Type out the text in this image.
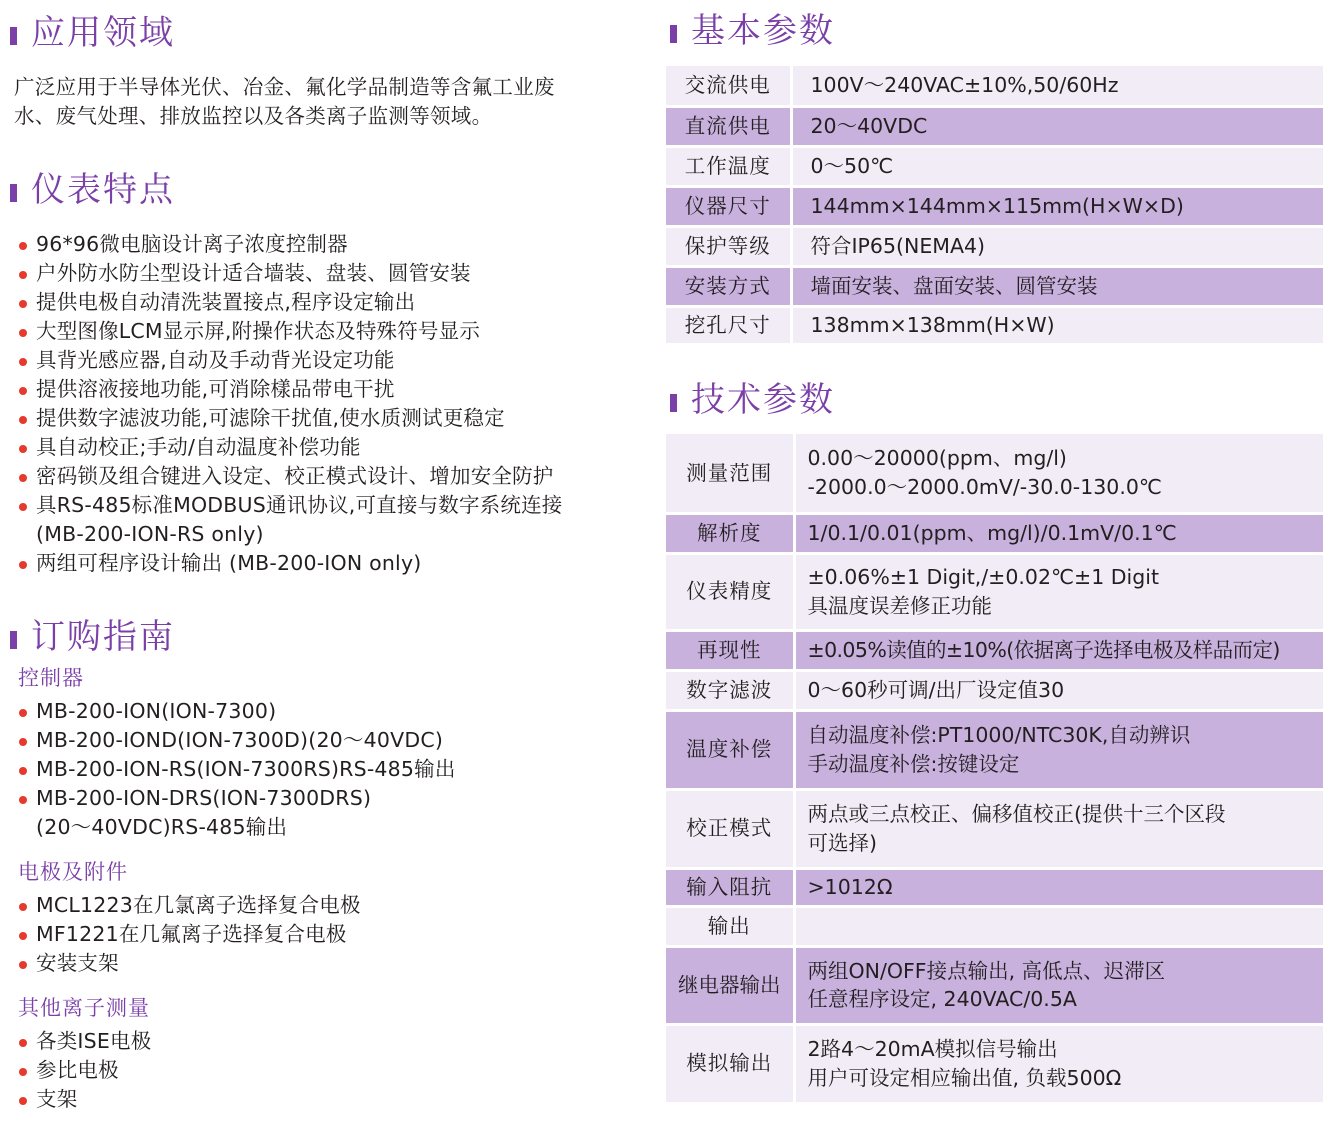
应用领域
广泛应用于半导体光伏、冶金、氟化学品制造等含氟工业废
水、废气处理、排放监控以及各类离子监测等领域。
仪表特点
96*96微电脑设计离子浓度控制器
户外防水防尘型设计适合墙装、盘装、圆管安装
提供电极自动清洗装置接点,程序设定输出
大型图像LCM显示屏,附操作状态及特殊符号显示
具背光感应器,自动及手动背光设定功能
提供溶液接地功能,可消除樣品带电干扰
提供数字滤波功能,可滤除干扰值,使水质测试更稳定
具自动校正;手动/自动温度补偿功能
密码锁及组合键进入设定、校正模式设计、增加安全防护
具RS-485标准MODBUS通讯协议,可直接与数字系统连接
(MB-200-ION-RS only)
两组可程序设计输出 (MB-200-ION only)
订购指南
控制器
MB-200-ION(ION-7300)
MB-200-IOND(ION-7300D)(20～40VDC)
MB-200-ION-RS(ION-7300RS)RS-485输出
MB-200-ION-DRS(ION-7300DRS)
(20～40VDC)RS-485输出
电极及附件
MCL1223在几氯离子选择复合电极
MF1221在几氟离子选择复合电极
安装支架
其他离子测量
各类ISE电极
参比电极
支架
基本参数
交流供电	100V～240VAC±10%,50/60Hz
直流供电	20～40VDC
工作温度	0～50℃
仪器尺寸	144mm×144mm×115mm(H×W×D)
保护等级	符合IP65(NEMA4)
安装方式	墙面安装、盘面安装、圆管安装
挖孔尺寸	138mm×138mm(H×W)
技术参数
测量范围	0.00～20000(ppm、mg/l)
-2000.0～2000.0mV/-30.0-130.0℃

解析度	1/0.1/0.01(ppm、mg/l)/0.1mV/0.1℃

仪表精度	±0.06%±1 Digit,/±0.02℃±1 Digit
具温度误差修正功能

再现性	±0.05%读值的±10%(依据离子选择电极及样品而定)

数字滤波	0～60秒可调/出厂设定值30

温度补偿	自动温度补偿:PT1000/NTC30K,自动辨识
手动温度补偿:按键设定

校正模式	两点或三点校正、偏移值校正(提供十三个区段
可选择)

输入阻抗	>1012Ω

输出	

继电器输出	两组ON/OFF接点输出, 高低点、迟滞区
任意程序设定, 240VAC/0.5A

模拟输出	2路4～20mA模拟信号输出
用户可设定相应输出值, 负载500Ω
